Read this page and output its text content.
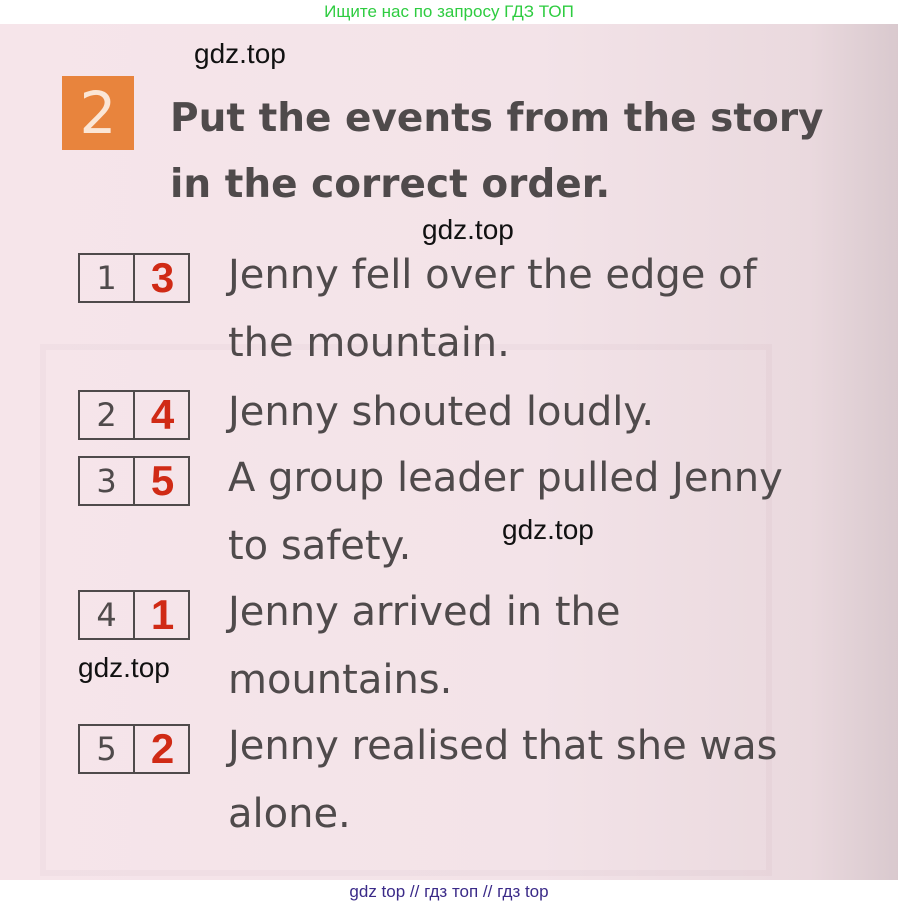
Ищите нас по запросу ГДЗ ТОП
2	Put the events from the story
in the correct order.
1 3	Jenny fell over the edge of
the mountain.
2 4	Jenny shouted loudly.
3 5	A group leader pulled Jenny
to safety.
4 1	Jenny arrived in the
mountains.
5 2	Jenny realised that she was
alone.
gdz.top
gdz.top
gdz.top
gdz.top
gdz top // гдз топ // гдз top
